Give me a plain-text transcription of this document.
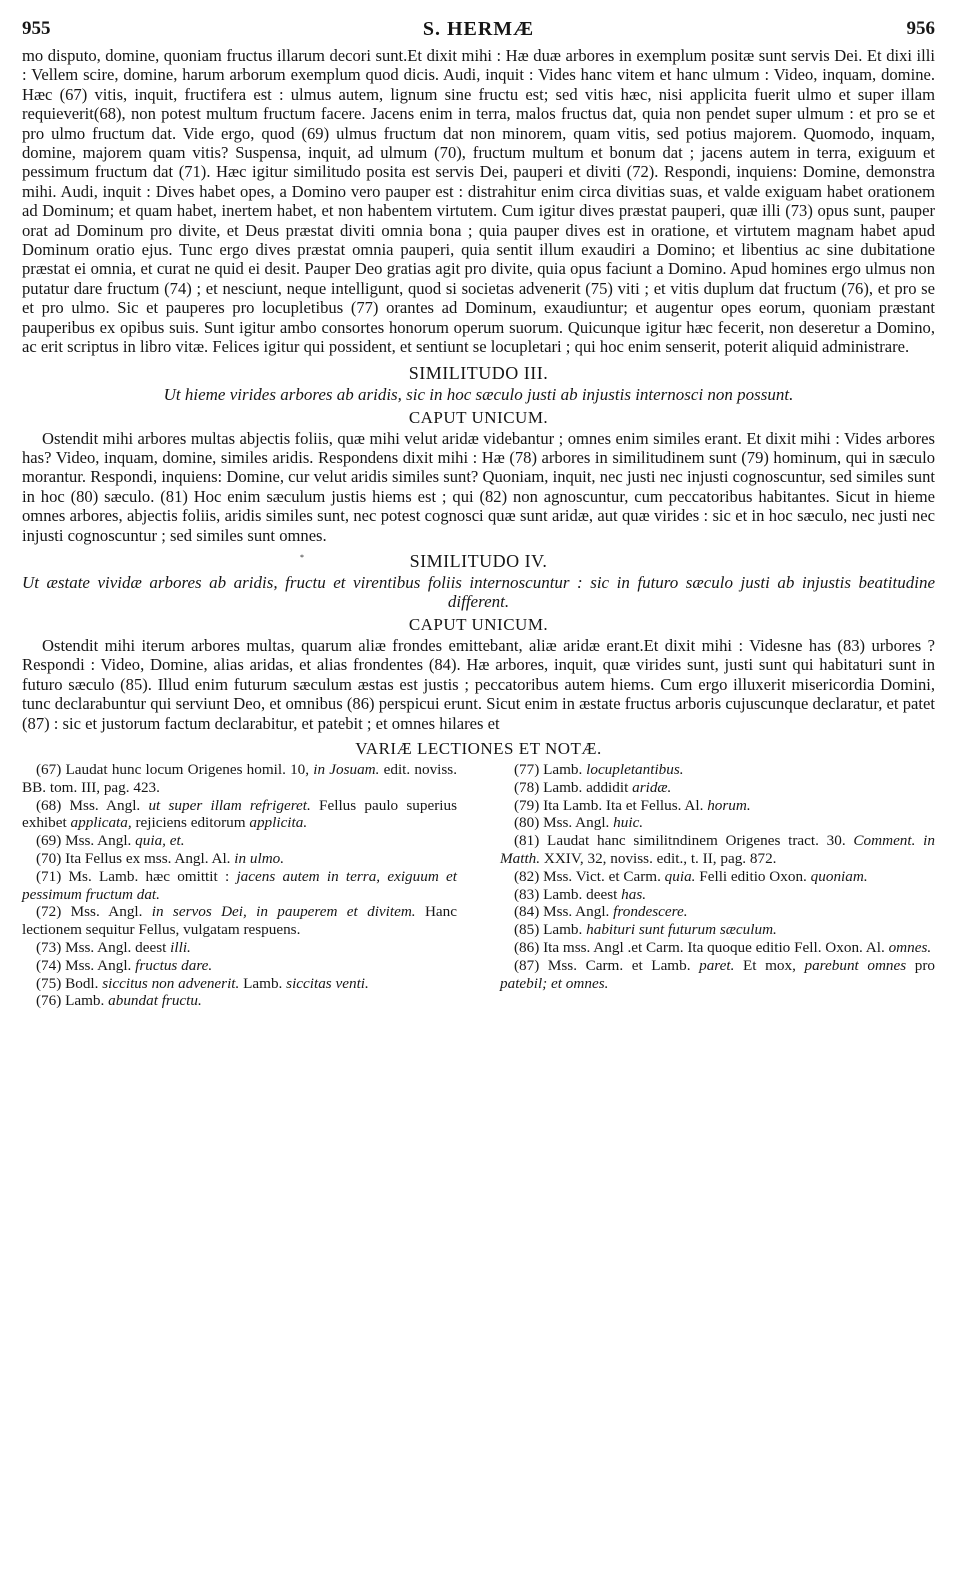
955	S. HERMÆ	956

mo disputo, domine, quoniam fructus illarum decori sunt.Et dixit mihi : Hæ duæ arbores in exemplum positæ sunt servis Dei. Et dixi illi : Vellem scire, domine, harum arborum exemplum quod dicis. Audi, inquit : Vides hanc vitem et hanc ulmum : Video, inquam, domine. Hæc (67) vitis, inquit, fructifera est : ulmus autem, lignum sine fructu est; sed vitis hæc, nisi applicita fuerit ulmo et super illam requieverit(68), non potest multum fructum facere. Jacens enim in terra, malos fructus dat, quia non pendet super ulmum : et pro se et pro ulmo fructum dat. Vide ergo, quod (69) ulmus fructum dat non minorem, quam vitis, sed potius majorem. Quomodo, inquam, domine, majorem quam vitis? Suspensa, inquit, ad ulmum (70), fructum multum et bonum dat ; jacens autem in terra, exiguum et pessimum fructum dat (71). Hæc igitur similitudo posita est servis Dei, pauperi et diviti (72). Respondi, inquiens: Domine, demonstra mihi. Audi, inquit : Dives habet opes, a Domino vero pauper est : distrahitur enim circa divitias suas, et valde exiguam habet orationem ad Dominum; et quam habet, inertem habet, et non habentem virtutem. Cum igitur dives præstat pauperi, quæ illi (73) opus sunt, pauper orat ad Dominum pro divite, et Deus præstat diviti omnia bona ; quia pauper dives est in oratione, et virtutem magnam habet apud Dominum oratio ejus. Tunc ergo dives præstat omnia pauperi, quia sentit illum exaudiri a Domino; et libentius ac sine dubitatione præstat ei omnia, et curat ne quid ei desit. Pauper Deo gratias agit pro divite, quia opus faciunt a Domino. Apud homines ergo ulmus non putatur dare fructum (74) ; et nesciunt, neque intelligunt, quod si societas advenerit (75) viti ; et vitis duplum dat fructum (76), et pro se et pro ulmo. Sic et pauperes pro locupletibus (77) orantes ad Dominum, exaudiuntur; et augentur opes eorum, quoniam præstant pauperibus ex opibus suis. Sunt igitur ambo consortes honorum operum suorum. Quicunque igitur hæc fecerit, non deseretur a Domino, ac erit scriptus in libro vitæ. Felices igitur qui possident, et sentiunt se locupletari ; qui hoc enim senserit, poterit aliquid administrare.

*
SIMILITUDO III.

Ut hieme virides arbores ab aridis, sic in hoc sæculo justi ab injustis internosci non possunt.

CAPUT UNICUM.

Ostendit mihi arbores multas abjectis foliis, quæ mihi velut aridæ videbantur ; omnes enim similes erant. Et dixit mihi : Vides arbores has? Video, inquam, domine, similes aridis. Respondens dixit mihi : Hæ (78) arbores in similitudinem sunt (79) hominum, qui in sæculo morantur. Respondi, inquiens: Domine, cur velut aridis similes sunt? Quoniam, inquit, nec justi nec injusti cognoscuntur, sed similes sunt in hoc (80) sæculo. (81) Hoc enim sæculum justis hiems est ; qui (82) non agnoscuntur, cum peccatoribus habitantes. Sicut in hieme omnes arbores, abjectis foliis, aridis similes sunt, nec potest cognosci quæ sunt aridæ, aut quæ virides : sic et in hoc sæculo, nec justi nec injusti cognoscuntur ; sed similes sunt omnes.

SIMILITUDO IV.

Ut æstate vividæ arbores ab aridis, fructu et virentibus foliis internoscuntur : sic in futuro sæculo justi ab injustis beatitudine different.

CAPUT UNICUM.

Ostendit mihi iterum arbores multas, quarum aliæ frondes emittebant, aliæ aridæ erant.Et dixit mihi : Videsne has (83) urbores ? Respondi : Video, Domine, alias aridas, et alias frondentes (84). Hæ arbores, inquit, quæ virides sunt, justi sunt qui habitaturi sunt in futuro sæculo (85). Illud enim futurum sæculum æstas est justis ; peccatoribus autem hiems. Cum ergo illuxerit misericordia Domini, tunc declarabuntur qui serviunt Deo, et omnibus (86) perspicui erunt. Sicut enim in æstate fructus arboris cujuscunque declaratur, et patet (87) : sic et justorum factum declarabitur, et patebit ; et omnes hilares et

VARIÆ LECTIONES ET NOTÆ.

(67) Laudat hunc locum Origenes homil. 10, in Josuam. edit. noviss. BB. tom. III, pag. 423.

(68) Mss. Angl. ut super illam refrigeret. Fellus paulo superius exhibet applicata, rejiciens editorum applicita.

(69) Mss. Angl. quia, et.

(70) Ita Fellus ex mss. Angl. Al. in ulmo.

(71) Ms. Lamb. hæc omittit : jacens autem in terra, exiguum et pessimum fructum dat.

(72) Mss. Angl. in servos Dei, in pauperem et divitem. Hanc lectionem sequitur Fellus, vulgatam respuens.

(73) Mss. Angl. deest illi.

(74) Mss. Angl. fructus dare.

(75) Bodl. siccitus non advenerit. Lamb. siccitas venti.

(76) Lamb. abundat fructu.

(77) Lamb. locupletantibus.

(78) Lamb. addidit aridæ.

(79) Ita Lamb. Ita et Fellus. Al. horum.

(80) Mss. Angl. huic.

(81) Laudat hanc similitndinem Origenes tract. 30. Comment. in Matth. XXIV, 32, noviss. edit., t. II, pag. 872.

(82) Mss. Vict. et Carm. quia. Felli editio Oxon. quoniam.

(83) Lamb. deest has.

(84) Mss. Angl. frondescere.

(85) Lamb. habituri sunt futurum sæculum.

(86) Ita mss. Angl .et Carm. Ita quoque editio Fell. Oxon. Al. omnes.

(87) Mss. Carm. et Lamb. paret. Et mox, parebunt omnes pro patebil; et omnes.
